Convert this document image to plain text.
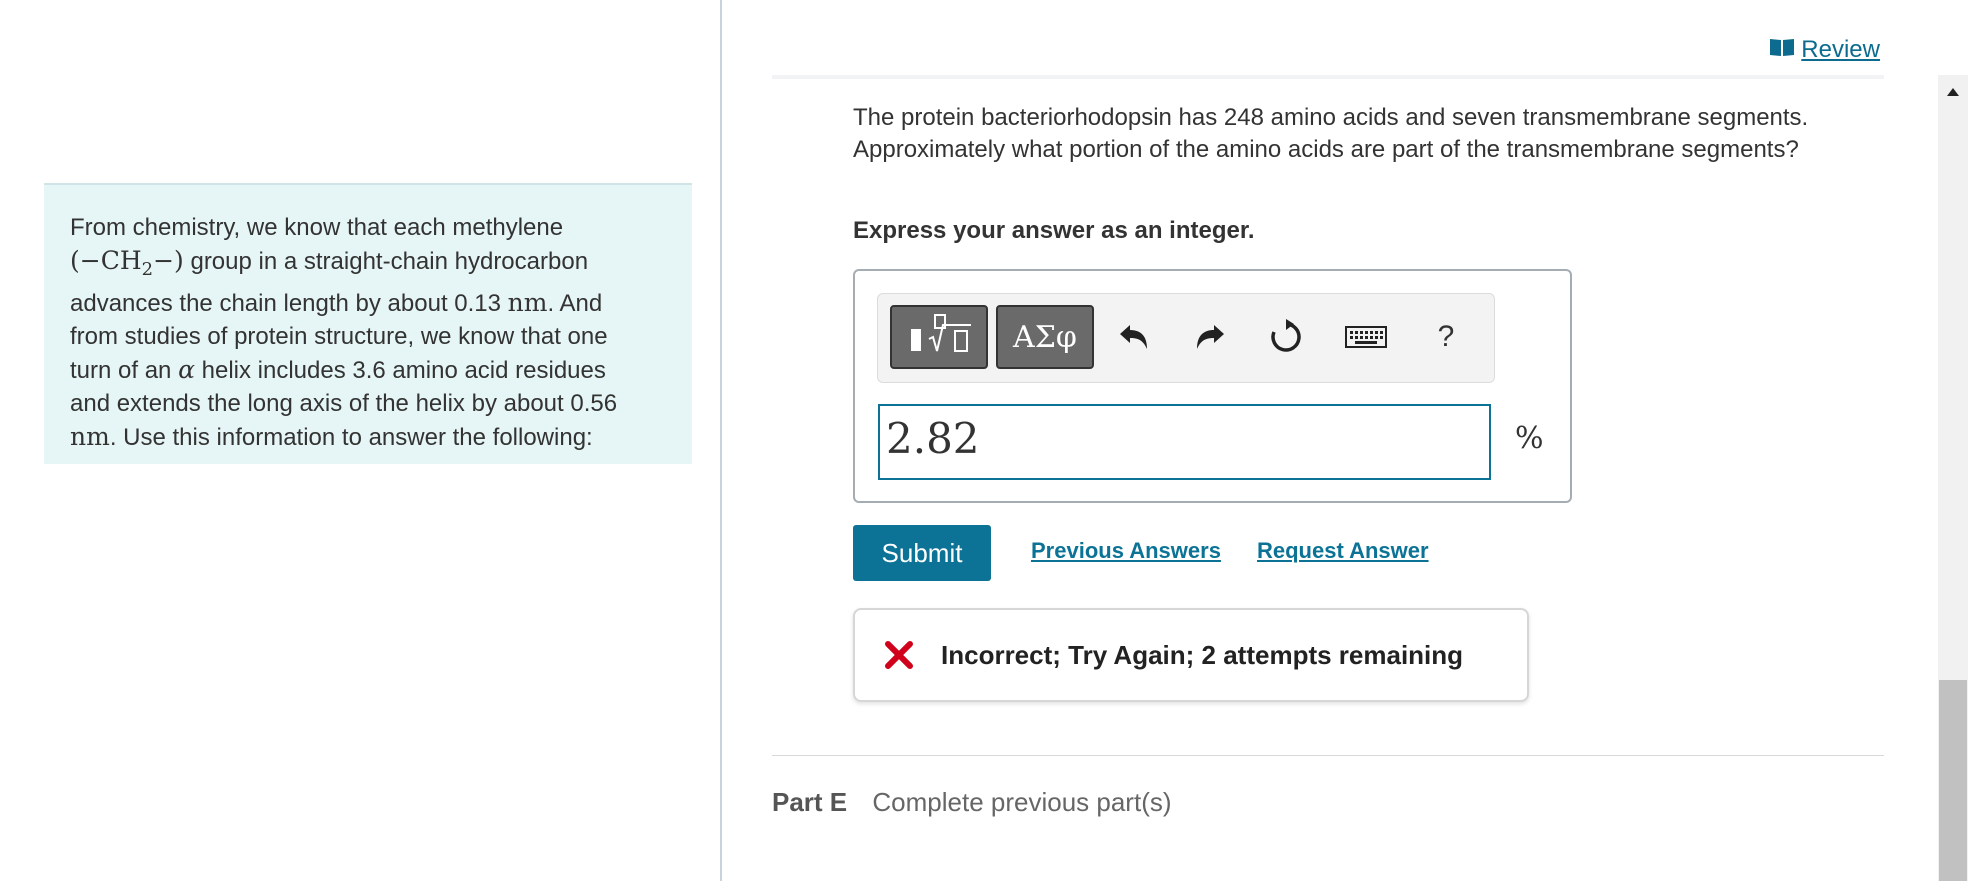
From chemistry, we know that each methylene
$(-CH_2-)$ group in a straight-chain hydrocarbon
advances the chain length by about 0.13 nm. And
from studies of protein structure, we know that one
turn of an α helix includes 3.6 amino acid residues
and extends the long axis of the helix by about 0.56
nm. Use this information to answer the following:
Review
The protein bacteriorhodopsin has 248 amino acids and seven transmembrane segments. Approximately what portion of the amino acids are part of the transmembrane segments?
Express your answer as an integer.
ΑΣφ	?
2.82	%
Submit	Previous Answers Request Answer
Incorrect; Try Again; 2 attempts remaining
Part E Complete previous part(s)
